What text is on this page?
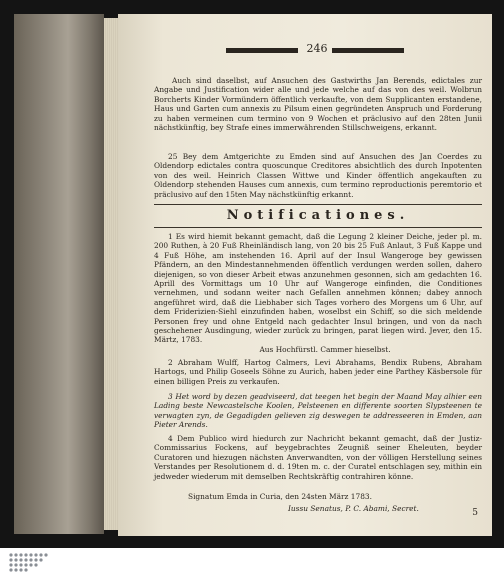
246
Auch sind daselbst, auf Ansuchen des Gastwirths Jan Berends, edictales zur Angabe und Justification wider alle und jede welche auf das von des weil. Wolbrun Borcherts Kinder Vormündern öffentlich verkaufte, von dem Supplicanten erstandene, Haus und Garten cum annexis zu Pilsum einen gegründeten Anspruch und Forderung zu haben vermeinen cum termino von 9 Wochen et präclusivo auf den 28ten Junii nächstkünftig, bey Strafe eines immerwährenden Stillschweigens, erkannt.
25 Bey dem Amtgerichte zu Emden sind auf Ansuchen des Jan Coerdes zu Oldendorp edictales contra quoscunque Creditores absichtlich des durch Inpotenten von des weil. Heinrich Classen Wittwe und Kinder öffentlich angekauften zu Oldendorp stehenden Hauses cum annexis, cum termino reproductionis peremtorio et präclusivo auf den 15ten May nächstkünftig erkannt.
Notificationes.
1 Es wird hiemit bekannt gemacht, daß die Legung 2 kleiner Deiche, jeder pl. m. 200 Ruthen, à 20 Fuß Rheinländisch lang, von 20 bis 25 Fuß Anlaut, 3 Fuß Kappe und 4 Fuß Höhe, am instehenden 16. April auf der Insul Wangeroge bey gewissen Pfändern, an den Mindestannehmenden öffentlich verdungen werden sollen, dahero diejenigen, so von dieser Arbeit etwas anzunehmen gesonnen, sich am gedachten 16. Aprill des Vormittags um 10 Uhr auf Wangeroge einfinden, die Conditiones vernehmen, und sodann weiter nach Gefallen annehmen können; dabey annoch angeführet wird, daß die Liebhaber sich Tages vorhero des Morgens um 6 Uhr, auf dem Friderizien-Siehl einzufinden haben, woselbst ein Schiff, so die sich meldende Personen frey und ohne Entgeld nach gedachter Insul bringen, und von da nach geschehener Ausdingung, wieder zurück zu bringen, parat liegen wird. Jever, den 15. Märtz, 1783.
Aus Hochfürstl. Cammer hieselbst.
2 Abraham Wulff, Hartog Calmers, Levi Abrahams, Bendix Rubens, Abraham Hartogs, und Philip Goseels Söhne zu Aurich, haben jeder eine Parthey Käsbersole für einen billigen Preis zu verkaufen.
3 Het word by dezen geadviseerd, dat teegen het begin der Maand May alhier een Lading beste Newcastelsche Koolen, Pelsteenen en differente soorten Slypsteenen te verwagten zyn, de Gegadigden gelieven zig deswegen te addresseeren in Emden, aan Pieter Arends.
4 Dem Publico wird hiedurch zur Nachricht bekannt gemacht, daß der Justiz-Commissarius Fockens, auf beygebrachtes Zeugniß seiner Eheleuten, beyder Curatoren und hiezugen nächsten Anverwandten, von der völligen Herstellung seines Verstandes per Resolutionem d. d. 19ten m. c. der Curatel entschlagen sey, mithin ein jedweder wiederum mit demselben Rechtskräftig contrahiren könne.
Signatum Emda in Curia, den 24sten März 1783.
Iussu Senatus, P. C. Abami, Secret.	5
